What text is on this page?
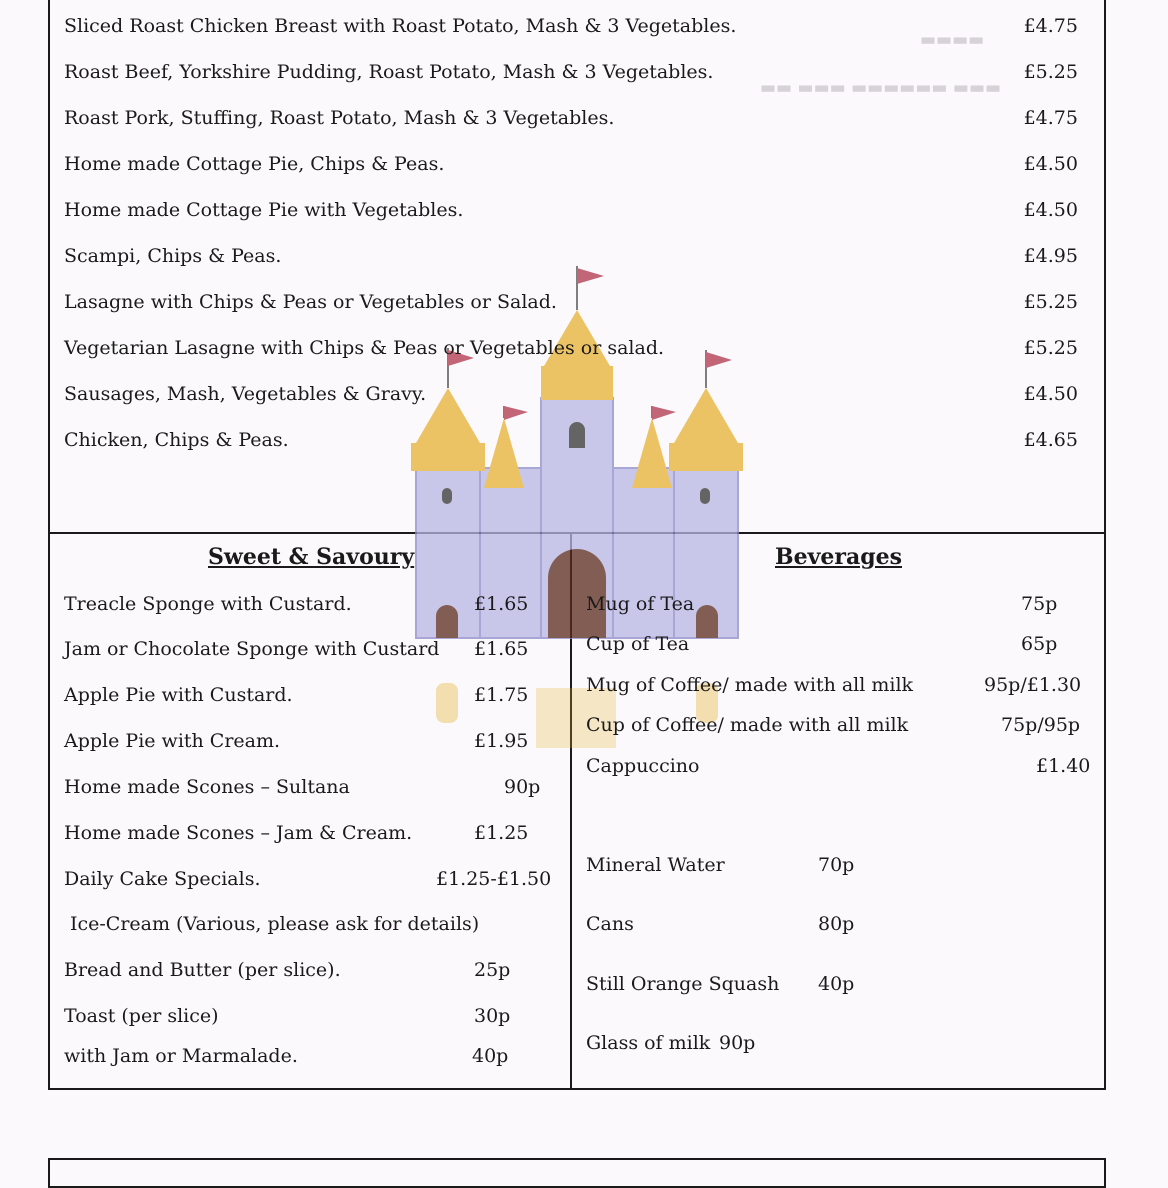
▬▬▬▬
▬▬ ▬▬▬ ▬▬▬▬▬▬ ▬▬▬
Sliced Roast Chicken Breast with Roast Potato, Mash & 3 Vegetables.	£4.75
Roast Beef, Yorkshire Pudding, Roast Potato, Mash & 3 Vegetables.	£5.25
Roast Pork, Stuffing, Roast Potato, Mash & 3 Vegetables.	£4.75
Home made Cottage Pie, Chips & Peas.	£4.50
Home made Cottage Pie with Vegetables.	£4.50
Scampi, Chips & Peas.	£4.95
Lasagne with Chips & Peas or Vegetables or Salad.	£5.25
Vegetarian Lasagne with Chips & Peas or Vegetables or salad.	£5.25
Sausages, Mash, Vegetables & Gravy.	£4.50
Chicken, Chips & Peas.	£4.65
Sweet & Savoury
Treacle Sponge with Custard.	£1.65
Jam or Chocolate Sponge with Custard £1.65
Apple Pie with Custard.	£1.75
Apple Pie with Cream.	£1.95
Home made Scones – Sultana	90p
Home made Scones – Jam & Cream.	£1.25
Daily Cake Specials.	£1.25-£1.50
Ice-Cream (Various, please ask for details)
Bread and Butter (per slice).	25p
Toast (per slice)	30p
with Jam or Marmalade.	40p
Beverages
Mug of Tea	75p
Cup of Tea	65p
Mug of Coffee/ made with all milk	95p/£1.30
Cup of Coffee/ made with all milk	75p/95p
Cappuccino	£1.40
Mineral Water	70p
Cans	80p
Still Orange Squash 40p
Glass of milk 90p
